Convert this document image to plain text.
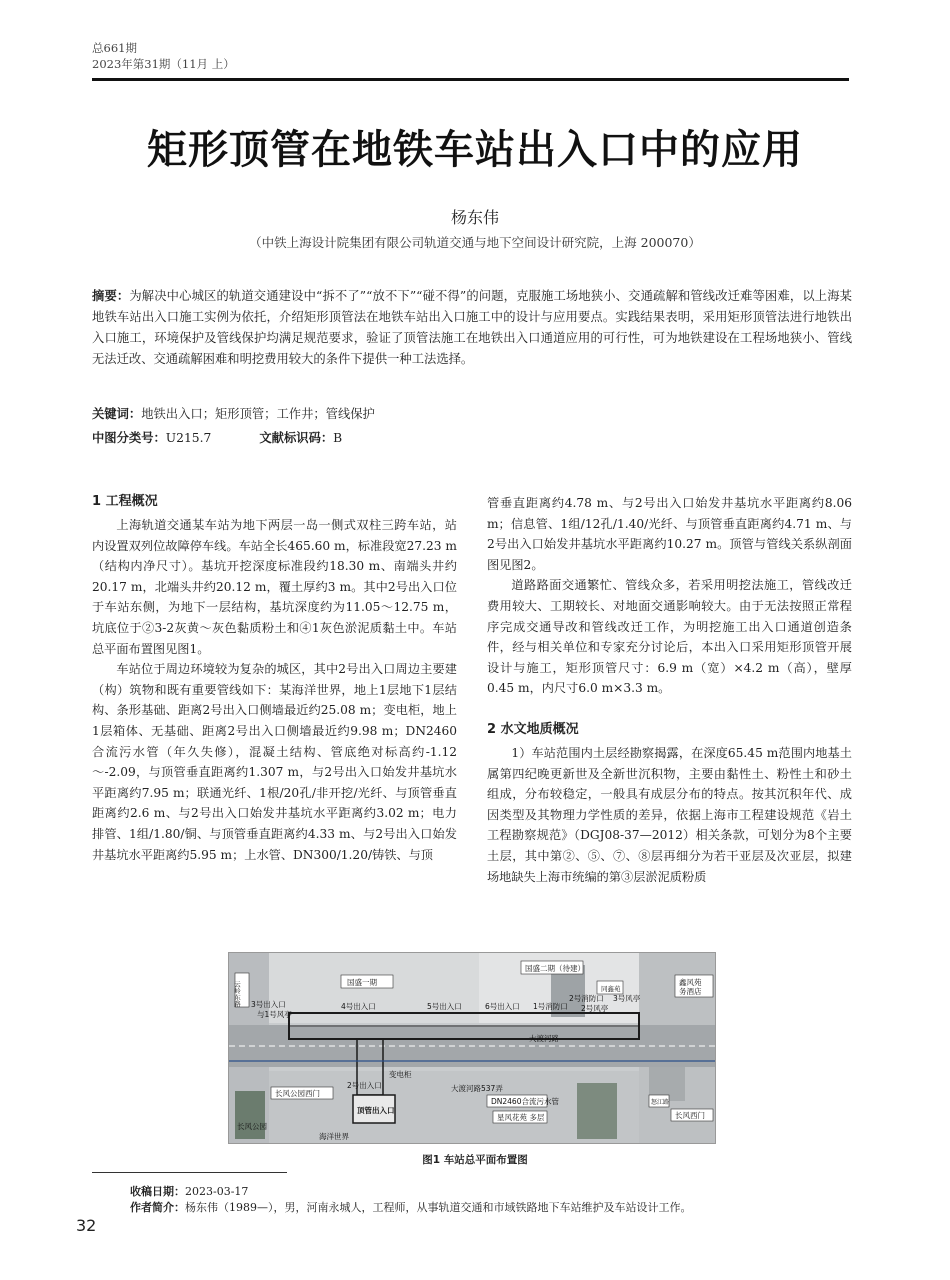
总661期
2023年第31期（11月 上）
矩形顶管在地铁车站出入口中的应用
杨东伟
（中铁上海设计院集团有限公司轨道交通与地下空间设计研究院，上海 200070）
摘要：为解决中心城区的轨道交通建设中“拆不了”“放不下”“碰不得”的问题，克服施工场地狭小、交通疏解和管线改迁难等困难，以上海某地铁车站出入口施工实例为依托，介绍矩形顶管法在地铁车站出入口施工中的设计与应用要点。实践结果表明，采用矩形顶管法进行地铁出入口施工，环境保护及管线保护均满足规范要求，验证了顶管法施工在地铁出入口通道应用的可行性，可为地铁建设在工程场地狭小、管线无法迁改、交通疏解困难和明挖费用较大的条件下提供一种工法选择。
关键词：地铁出入口；矩形顶管；工作井；管线保护
中图分类号：U215.7	文献标识码：B
1 工程概况

上海轨道交通某车站为地下两层一岛一侧式双柱三跨车站，站内设置双列位故障停车线。车站全长465.60 m，标准段宽27.23 m（结构内净尺寸）。基坑开挖深度标准段约18.30 m、南端头井约20.17 m，北端头井约20.12 m，覆土厚约3 m。其中2号出入口位于车站东侧，为地下一层结构，基坑深度约为11.05～12.75 m，坑底位于②3-2灰黄～灰色黏质粉土和④1灰色淤泥质黏土中。车站总平面布置图见图1。

车站位于周边环境较为复杂的城区，其中2号出入口周边主要建（构）筑物和既有重要管线如下：某海洋世界，地上1层地下1层结构、条形基础、距离2号出入口侧墙最近约25.08 m；变电柜，地上1层箱体、无基础、距离2号出入口侧墙最近约9.98 m；DN2460合流污水管（年久失修），混凝土结构、管底绝对标高约-1.12～-2.09，与顶管垂直距离约1.307 m，与2号出入口始发井基坑水平距离约7.95 m；联通光纤、1根/20孔/非开挖/光纤、与顶管垂直距离约2.6 m、与2号出入口始发井基坑水平距离约3.02 m；电力排管、1组/1.80/铜、与顶管垂直距离约4.33 m、与2号出入口始发井基坑水平距离约5.95 m；上水管、DN300/1.20/铸铁、与顶

管垂直距离约4.78 m、与2号出入口始发井基坑水平距离约8.06 m；信息管、1组/12孔/1.40/光纤、与顶管垂直距离约4.71 m、与2号出入口始发井基坑水平距离约10.27 m。顶管与管线关系纵剖面图见图2。

道路路面交通繁忙、管线众多，若采用明挖法施工，管线改迁费用较大、工期较长、对地面交通影响较大。由于无法按照正常程序完成交通导改和管线改迁工作，为明挖施工出入口通道创造条件，经与相关单位和专家充分讨论后，本出入口采用矩形顶管开展设计与施工，矩形顶管尺寸：6.9 m（宽）×4.2 m（高），壁厚0.45 m，内尺寸6.0 m×3.3 m。

2 水文地质概况

1）车站范围内土层经勘察揭露，在深度65.45 m范围内地基土属第四纪晚更新世及全新世沉积物，主要由黏性土、粉性土和砂土组成，分布较稳定，一般具有成层分布的特点。按其沉积年代、成因类型及其物理力学性质的差异，依据上海市工程建设规范《岩土工程勘察规范》（DGJ08-37—2012）相关条款，可划分为8个主要土层，其中第②、⑤、⑦、⑧层再细分为若干亚层及次亚层，拟建场地缺失上海市统编的第③层淤泥质粉质

云岭东路 3号出入口
与1号风亭
国盛一期
4号出入口	5号出入口	6号出入口
国盛二期（待建）
1号消防口
2号消防口 3号风亭
2号风亭
鑫风苑
务酒店
大渡河路
长风公园西门
2号出入口
顶管出入口
变电柜
大渡河路537弄
DN2460合流污水管
星风花苑 多层	长风西门
怒江路
长风公园
海洋世界
同鑫苑
图1 车站总平面布置图
收稿日期：2023-03-17
作者简介：杨东伟（1989—），男，河南永城人，工程师，从事轨道交通和市域铁路地下车站维护及车站设计工作。
32
